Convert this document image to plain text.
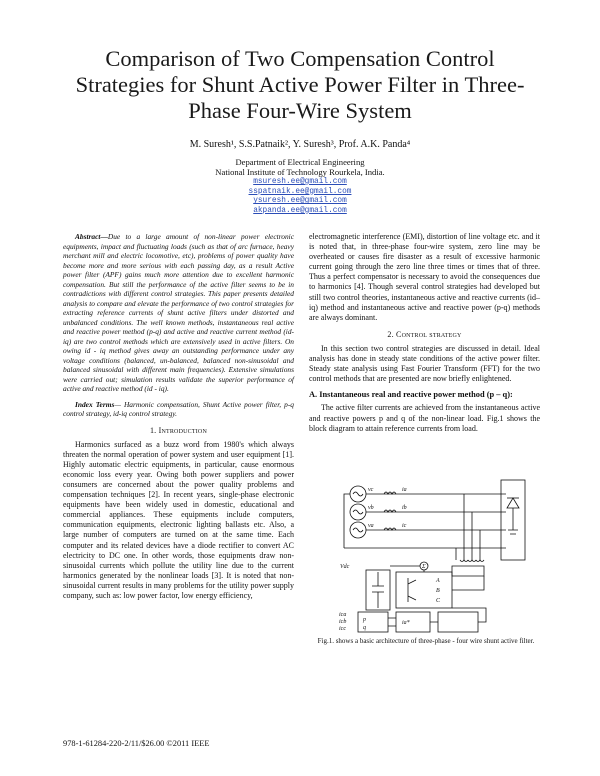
Comparison of Two Compensation Control Strategies for Shunt Active Power Filter in Three-Phase Four-Wire System
M. Suresh¹, S.S.Patnaik², Y. Suresh³, Prof. A.K. Panda⁴
Department of Electrical Engineering
National Institute of Technology Rourkela, India.
msuresh.ee@gmail.com
sspatnaik.ee@gmail.com
ysuresh.ee@gmail.com
akpanda.ee@gmail.com

Abstract—Due to a large amount of non-linear power electronic equipments, impact and fluctuating loads (such as that of arc furnace, heavy merchant mill and electric locomotive, etc), problems of power quality have become more and more serious with each passing day, as a result Active power filter (APF) gains much more attention due to excellent harmonic compensation. But still the performance of the active filter seems to be in contradictions with different control strategies. This paper presents detailed analysis to compare and elevate the performance of two control strategies for extracting reference currents of shunt active filters under distorted and unbalanced conditions. The well known methods, instantaneous real active and reactive power method (p-q) and active and reactive current method (id-iq) are two control methods which are extensively used in active filters. On owing id - iq method gives away an outstanding performance under any voltage conditions (balanced, un-balanced, balanced non-sinusoidal and balanced sinusoidal with different main frequencies). Extensive simulations were carried out; simulation results validate the superior performance of active and reactive method (id - iq).

Index Terms— Harmonic compensation, Shunt Active power filter, p-q control strategy, id-iq control strategy.

1. Introduction

Harmonics surfaced as a buzz word from 1980's which always threaten the normal operation of power system and user equipment [1]. Highly automatic electric equipments, in particular, cause enormous economic loss every year. Owing both power suppliers and power consumers are concerned about the power quality problems and compensation techniques [2]. In recent years, single-phase electronic equipments have been widely used in domestic, educational and commercial appliances. These equipments include computers, communication equipments, electronic lighting ballasts etc. Also, a large number of computers are turned on at the same time. Each computer and its related devices have a diode rectifier to convert AC electricity to DC one. In other words, those equipments draw non-sinusoidal currents which pollute the utility line due to the current harmonics generated by the nonlinear loads [3]. It is noted that non-sinusoidal current results in many problems for the utility power supply company, such as: low power factor, low energy efficiency,

electromagnetic interference (EMI), distortion of line voltage etc. and it is noted that, in three-phase four-wire system, zero line may be overheated or causes fire disaster as a result of excessive harmonic current going through the zero line three times or times that of three. Thus a perfect compensator is necessary to avoid the consequences due to harmonics [4]. Though several control strategies had developed but still two control theories, instantaneous active and reactive currents (id–iq) method and instantaneous active and reactive power (p-q) methods are always dominant.

2. Control strategy

In this section two control strategies are discussed in detail. Ideal analysis has done in steady state conditions of the active power filter. Steady state analysis using Fast Fourier Transform (FFT) for the two control methods that are presented are now briefly enlightened.

A. Instantaneous real and reactive power method (p – q):

The active filter currents are achieved from the instantaneous active and reactive powers p and q of the non-linear load. Fig.1 shows the block diagram to attain reference currents from load.

vc
vb
va
ia
ib
ic
Vdc
A
B
C
ica
icb
icc
ia*
Σ
p
q
Fig.1. shows a basic architecture of three-phase - four wire shunt active filter.
978-1-61284-220-2/11/$26.00 ©2011 IEEE
